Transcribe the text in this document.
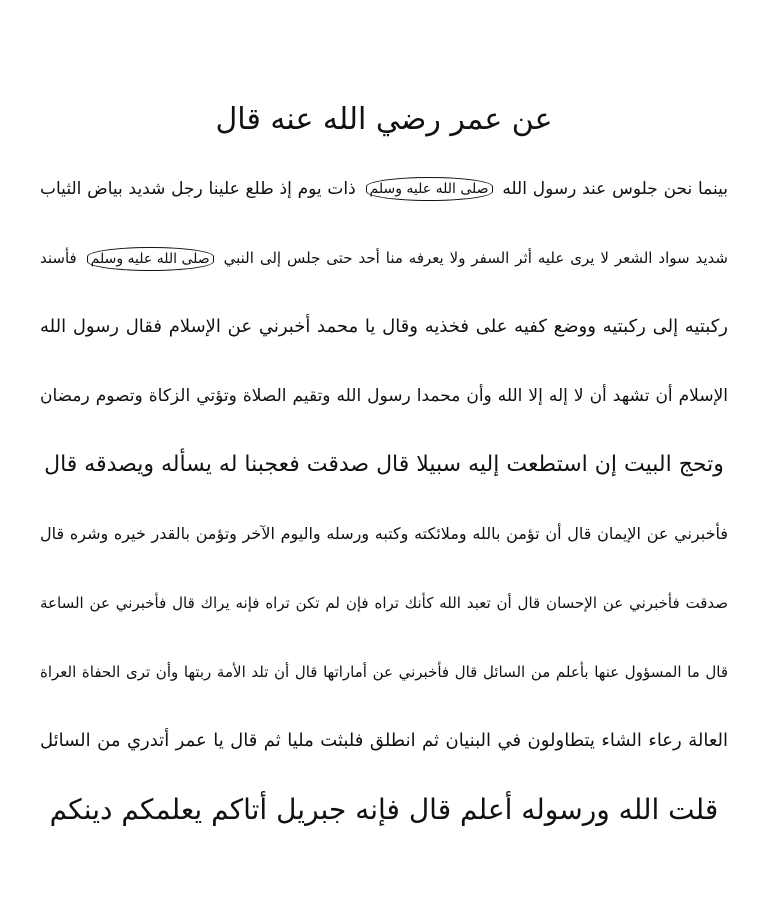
عن عمر رضي الله عنه قال
بينما نحن جلوس عند رسول الله صلى الله عليه وسلم ذات يوم إذ طلع علينا رجل شديد بياض الثياب
شديد سواد الشعر لا يرى عليه أثر السفر ولا يعرفه منا أحد حتى جلس إلى النبي صلى الله عليه وسلم فأسند
ركبتيه إلى ركبتيه ووضع كفيه على فخذيه وقال يا محمد أخبرني عن الإسلام فقال رسول الله
الإسلام أن تشهد أن لا إله إلا الله وأن محمدا رسول الله وتقيم الصلاة وتؤتي الزكاة وتصوم رمضان
وتحج البيت إن استطعت إليه سبيلا قال صدقت فعجبنا له يسأله ويصدقه قال
فأخبرني عن الإيمان قال أن تؤمن بالله وملائكته وكتبه ورسله واليوم الآخر وتؤمن بالقدر خيره وشره قال
صدقت فأخبرني عن الإحسان قال أن تعبد الله كأنك تراه فإن لم تكن تراه فإنه يراك قال فأخبرني عن الساعة
قال ما المسؤول عنها بأعلم من السائل قال فأخبرني عن أماراتها قال أن تلد الأمة ربتها وأن ترى الحفاة العراة
العالة رعاء الشاء يتطاولون في البنيان ثم انطلق فلبثت مليا ثم قال يا عمر أتدري من السائل
قلت الله ورسوله أعلم قال فإنه جبريل أتاكم يعلمكم دينكم
